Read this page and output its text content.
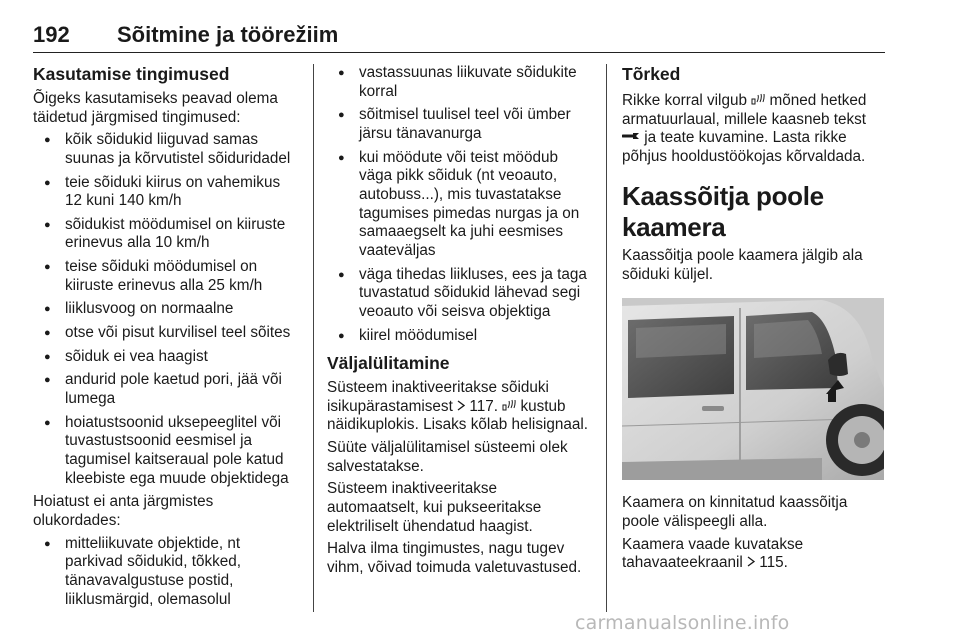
192 Sõitmine ja töörežiim
Kasutamise tingimused

Õigeks kasutamiseks peavad olema täidetud järgmised tingimused:

● kõik sõidukid liiguvad samas suunas ja kõrvutistel sõiduridadel
● teie sõiduki kiirus on vahemikus 12 kuni 140 km/h
● sõidukist möödumisel on kiiruste erinevus alla 10 km/h
● teise sõiduki möödumisel on kiiruste erinevus alla 25 km/h
● liiklusvoog on normaalne
● otse või pisut kurvilisel teel sõites
● sõiduk ei vea haagist
● andurid pole kaetud pori, jää või lumega
● hoiatustsoonid uksepeeglitel või tuvastustsoonid eesmisel ja tagumisel kaitseraual pole katud kleebiste ega muude objektidega

Hoiatust ei anta järgmistes olukordades:

● mitteliikuvate objektide, nt parkivad sõidukid, tõkked, tänavavalgustuse postid, liiklusmärgid, olemasolul
● vastassuunas liikuvate sõidukite korral
● sõitmisel tuulisel teel või ümber järsu tänavanurga
● kui möödute või teist möödub väga pikk sõiduk (nt veoauto, autobuss...), mis tuvastatakse tagumises pimedas nurgas ja on samaaegselt ka juhi eesmises vaateväljas
● väga tihedas liikluses, ees ja taga tuvastatud sõidukid lähevad segi veoauto või seisva objektiga
● kiirel möödumisel
Väljalülitamine

Süsteem inaktiveeritakse sõiduki isikupärastamisest  117.  kustub näidikuplokis. Lisaks kõlab helisignaal.

Süüte väljalülitamisel süsteemi olek salvestatakse.

Süsteem inaktiveeritakse automaatselt, kui pukseeritakse elektriliselt ühendatud haagist.

Halva ilma tingimustes, nagu tugev vihm, võivad toimuda valetuvastused.

Tõrked

Rikke korral vilgub  mõned hetked armatuurlaual, millele kaasneb tekst  ja teate kuvamine. Lasta rikke põhjus hooldustöökojas kõrvaldada.

Kaassõitja poole kaamera

Kaassõitja poole kaamera jälgib ala sõiduki küljel.

Kaamera on kinnitatud kaassõitja poole välispeegli alla.

Kaamera vaade kuvatakse tahavaateekraanil  115.

carmanualsonline.info
